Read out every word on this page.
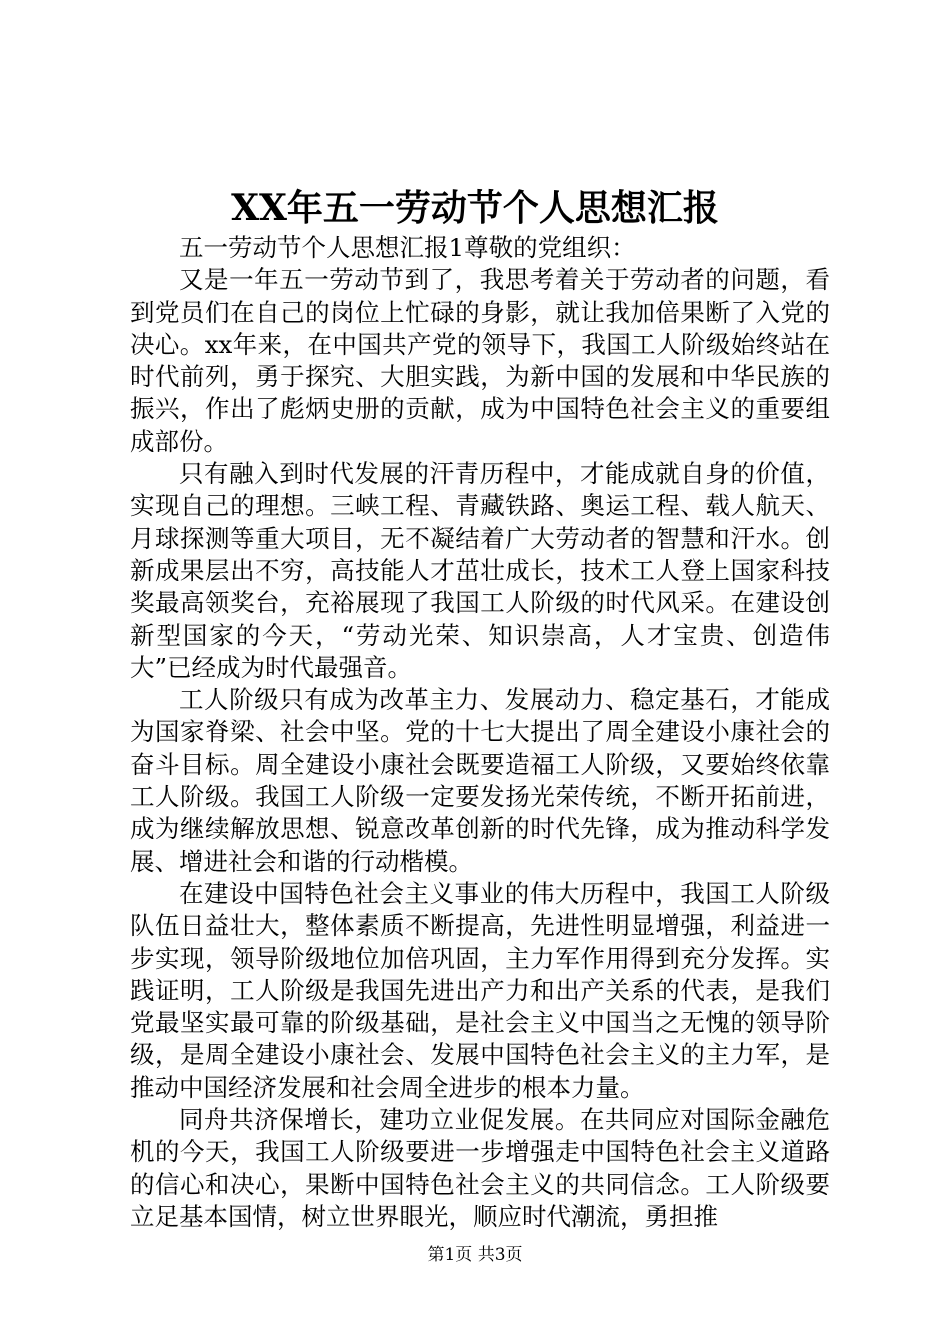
XX年五一劳动节个人思想汇报

五一劳动节个人思想汇报1尊敬的党组织：

又是一年五一劳动节到了，我思考着关于劳动者的问题，看到党员们在自己的岗位上忙碌的身影，就让我加倍果断了入党的决心。xx年来，在中国共产党的领导下，我国工人阶级始终站在时代前列，勇于探究、大胆实践，为新中国的发展和中华民族的振兴，作出了彪炳史册的贡献，成为中国特色社会主义的重要组成部份。

只有融入到时代发展的汗青历程中，才能成就自身的价值，实现自己的理想。三峡工程、青藏铁路、奥运工程、载人航天、月球探测等重大项目，无不凝结着广大劳动者的智慧和汗水。创新成果层出不穷，高技能人才茁壮成长，技术工人登上国家科技奖最高领奖台，充裕展现了我国工人阶级的时代风采。在建设创新型国家的今天，“劳动光荣、知识崇高，人才宝贵、创造伟大”已经成为时代最强音。

工人阶级只有成为改革主力、发展动力、稳定基石，才能成为国家脊梁、社会中坚。党的十七大提出了周全建设小康社会的奋斗目标。周全建设小康社会既要造福工人阶级，又要始终依靠工人阶级。我国工人阶级一定要发扬光荣传统，不断开拓前进，成为继续解放思想、锐意改革创新的时代先锋，成为推动科学发展、增进社会和谐的行动楷模。

在建设中国特色社会主义事业的伟大历程中，我国工人阶级队伍日益壮大，整体素质不断提高，先进性明显增强，利益进一步实现，领导阶级地位加倍巩固，主力军作用得到充分发挥。实践证明，工人阶级是我国先进出产力和出产关系的代表，是我们党最坚实最可靠的阶级基础，是社会主义中国当之无愧的领导阶级，是周全建设小康社会、发展中国特色社会主义的主力军，是推动中国经济发展和社会周全进步的根本力量。

同舟共济保增长，建功立业促发展。在共同应对国际金融危机的今天，我国工人阶级要进一步增强走中国特色社会主义道路的信心和决心，果断中国特色社会主义的共同信念。工人阶级要立足基本国情，树立世界眼光，顺应时代潮流，勇担推

第1页 共3页
